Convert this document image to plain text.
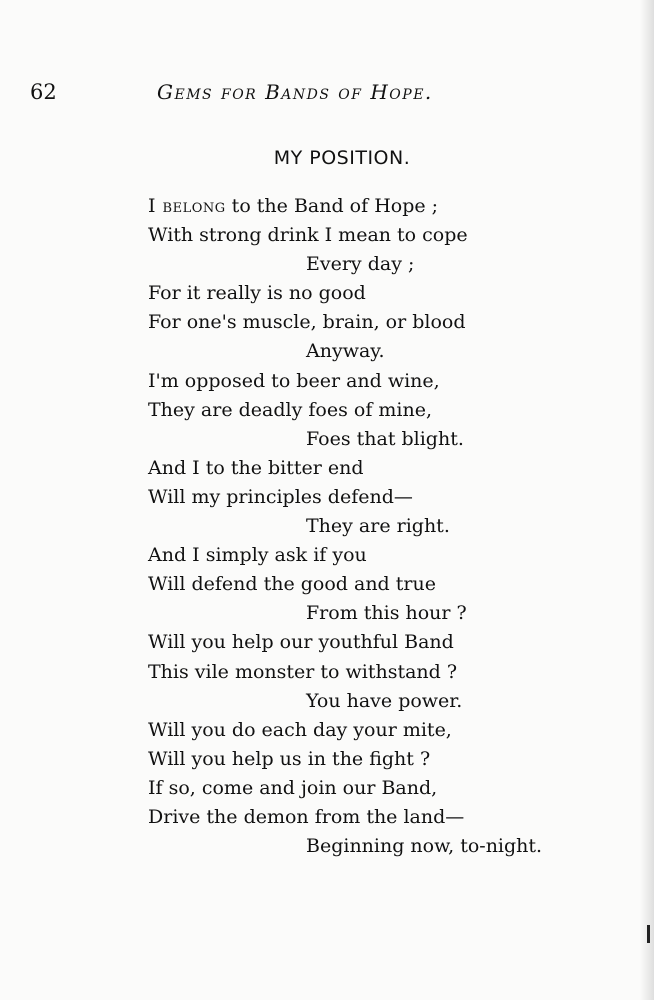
62	Gems for Bands of Hope.
MY POSITION.
I belong to the Band of Hope ;
With strong drink I mean to cope
Every day ;
For it really is no good
For one's muscle, brain, or blood
Anyway.
I'm opposed to beer and wine,
They are deadly foes of mine,
Foes that blight.
And I to the bitter end
Will my principles defend—
They are right.
And I simply ask if you
Will defend the good and true
From this hour ?
Will you help our youthful Band
This vile monster to withstand ?
You have power.
Will you do each day your mite,
Will you help us in the fight ?
If so, come and join our Band,
Drive the demon from the land—
Beginning now, to-night.
